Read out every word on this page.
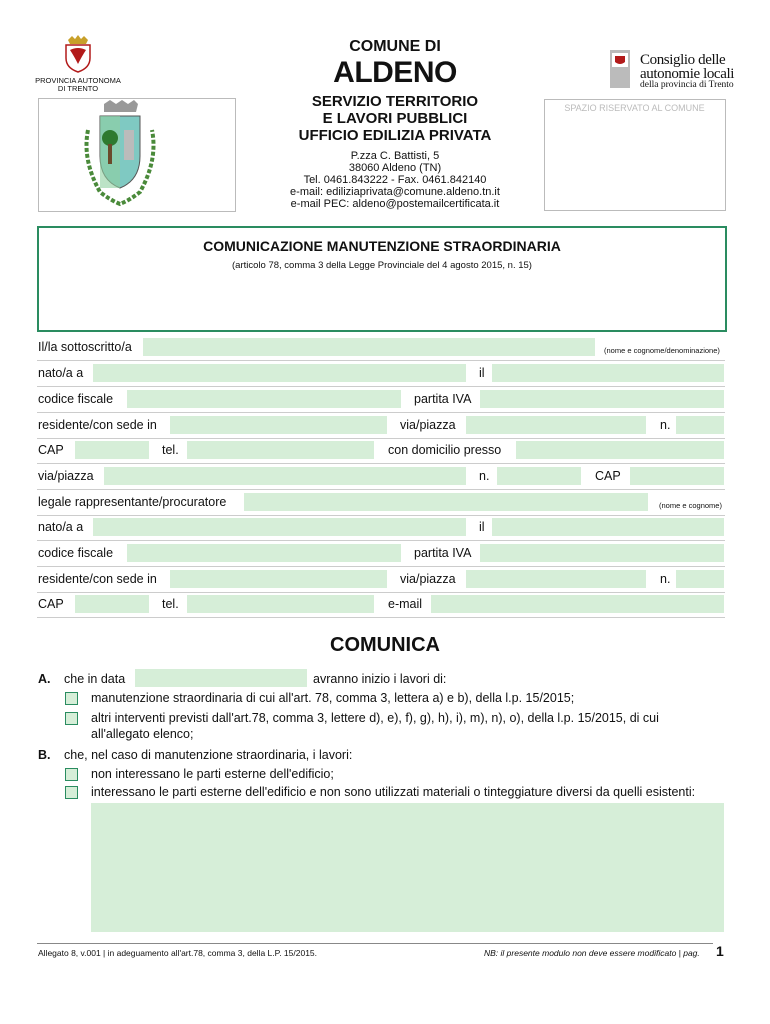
PROVINCIA AUTONOMA
DI TRENTO
COMUNE DI
ALDENO
SERVIZIO TERRITORIO
E LAVORI PUBBLICI
UFFICIO EDILIZIA PRIVATA
P.zza C. Battisti, 5
38060 Aldeno (TN)
Tel. 0461.843222 - Fax. 0461.842140
e-mail: ediliziaprivata@comune.aldeno.tn.it
e-mail PEC: aldeno@postemailcertificata.it
Consiglio delle
autonomie locali
della provincia di Trento
SPAZIO RISERVATO AL COMUNE
COMUNICAZIONE MANUTENZIONE STRAORDINARIA
(articolo 78, comma 3 della Legge Provinciale del 4 agosto 2015, n. 15)
Il/la sottoscritto/a	(nome e cognome/denominazione)
nato/a a	il
codice fiscale	partita IVA
residente/con sede in	via/piazza	n.
CAP	tel.	con domicilio presso
via/piazza	n.	CAP
legale rappresentante/procuratore	(nome e cognome)
nato/a a	il
codice fiscale	partita IVA
residente/con sede in	via/piazza	n.
CAP	tel.	e-mail
COMUNICA
A. che in data	avranno inizio i lavori di:
manutenzione straordinaria di cui all'art. 78, comma 3, lettera a) e b), della l.p. 15/2015;
altri interventi previsti dall'art.78, comma 3, lettere d), e), f), g), h), i), m), n), o), della l.p. 15/2015, di cui
all'allegato elenco;
B. che, nel caso di manutenzione straordinaria, i lavori:
non interessano le parti esterne dell'edificio;
interessano le parti esterne dell'edificio e non sono utilizzati materiali o tinteggiature diversi da quelli esistenti:
Allegato 8, v.001 | in adeguamento all'art.78, comma 3, della L.P. 15/2015.	NB: il presente modulo non deve essere modificato | pag. 1
